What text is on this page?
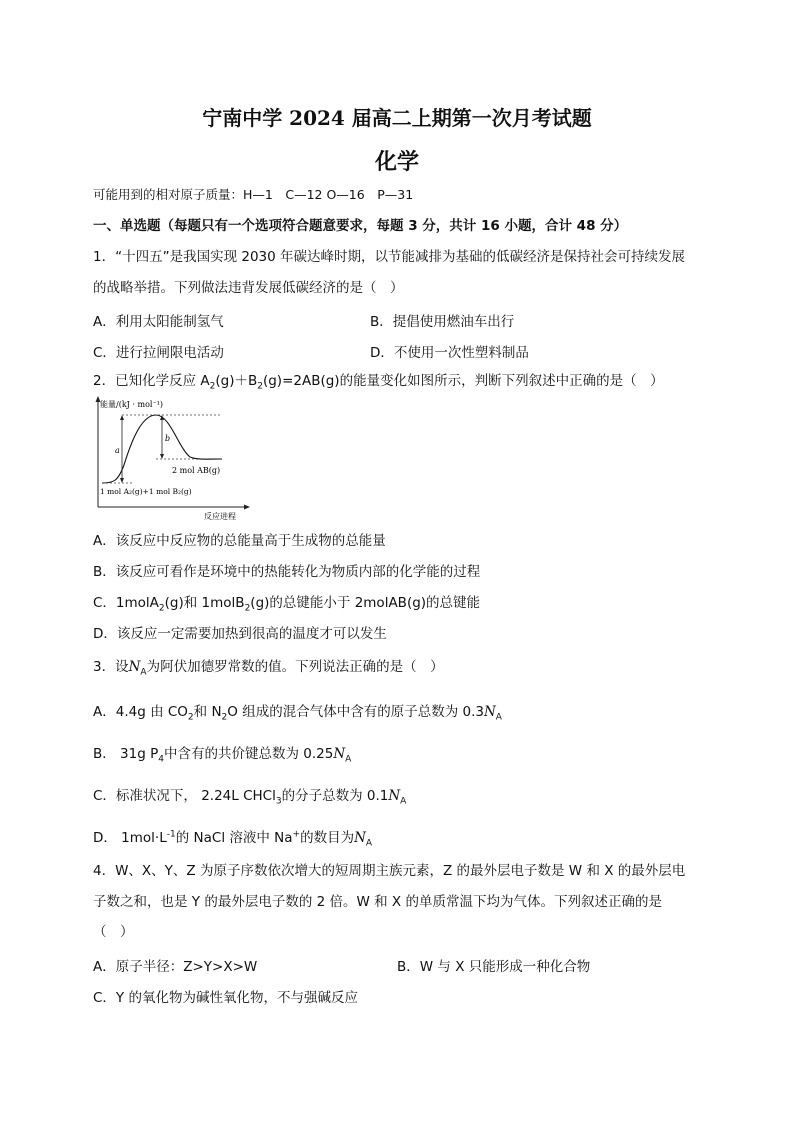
宁南中学 2024 届高二上期第一次月考试题
化学
可能用到的相对原子质量：H—1　C—12 O—16　P—31
一、单选题（每题只有一个选项符合题意要求，每题 3 分，共计 16 小题，合计 48 分）
1．“十四五”是我国实现 2030 年碳达峰时期，以节能减排为基础的低碳经济是保持社会可持续发展
的战略举措。下列做法违背发展低碳经济的是（　）
A．利用太阳能制氢气	B．提倡使用燃油车出行
C．进行拉闸限电活动	D．不使用一次性塑料制品
2．已知化学反应 $A_2(g)+B_2(g)=2AB(g)$的能量变化如图所示，判断下列叙述中正确的是（　）
能量/(kJ · mol⁻¹)
反应进程
a
b
2 mol AB(g)
1 mol A₂(g)+1 mol B₂(g)
A．该反应中反应物的总能量高于生成物的总能量
B．该反应可看作是环境中的热能转化为物质内部的化学能的过程
C．1molA$_2$(g)和 1molB$_2$(g)的总键能小于 2molAB(g)的总键能
D．该反应一定需要加热到很高的温度才可以发生
3．设$N_A$为阿伏加德罗常数的值。下列说法正确的是（　）
A．4.4g 由 $CO_2$和 $N_2O$ 组成的混合气体中含有的原子总数为 $0.3N_A$
B． 31g $P_4$中含有的共价键总数为 $0.25N_A$
C．标准状况下， 2.24L CHCl$_3$的分子总数为 $0.1N_A$
D． $1mol\cdot L^{-1}$的 NaCl 溶液中 Na+的数目为$N_A$
4．W、X、Y、Z 为原子序数依次增大的短周期主族元素，Z 的最外层电子数是 W 和 X 的最外层电
子数之和，也是 Y 的最外层电子数的 2 倍。W 和 X 的单质常温下均为气体。下列叙述正确的是
（　）
A．原子半径：Z>Y>X>W	B．W 与 X 只能形成一种化合物
C．Y 的氧化物为碱性氧化物，不与强碱反应
